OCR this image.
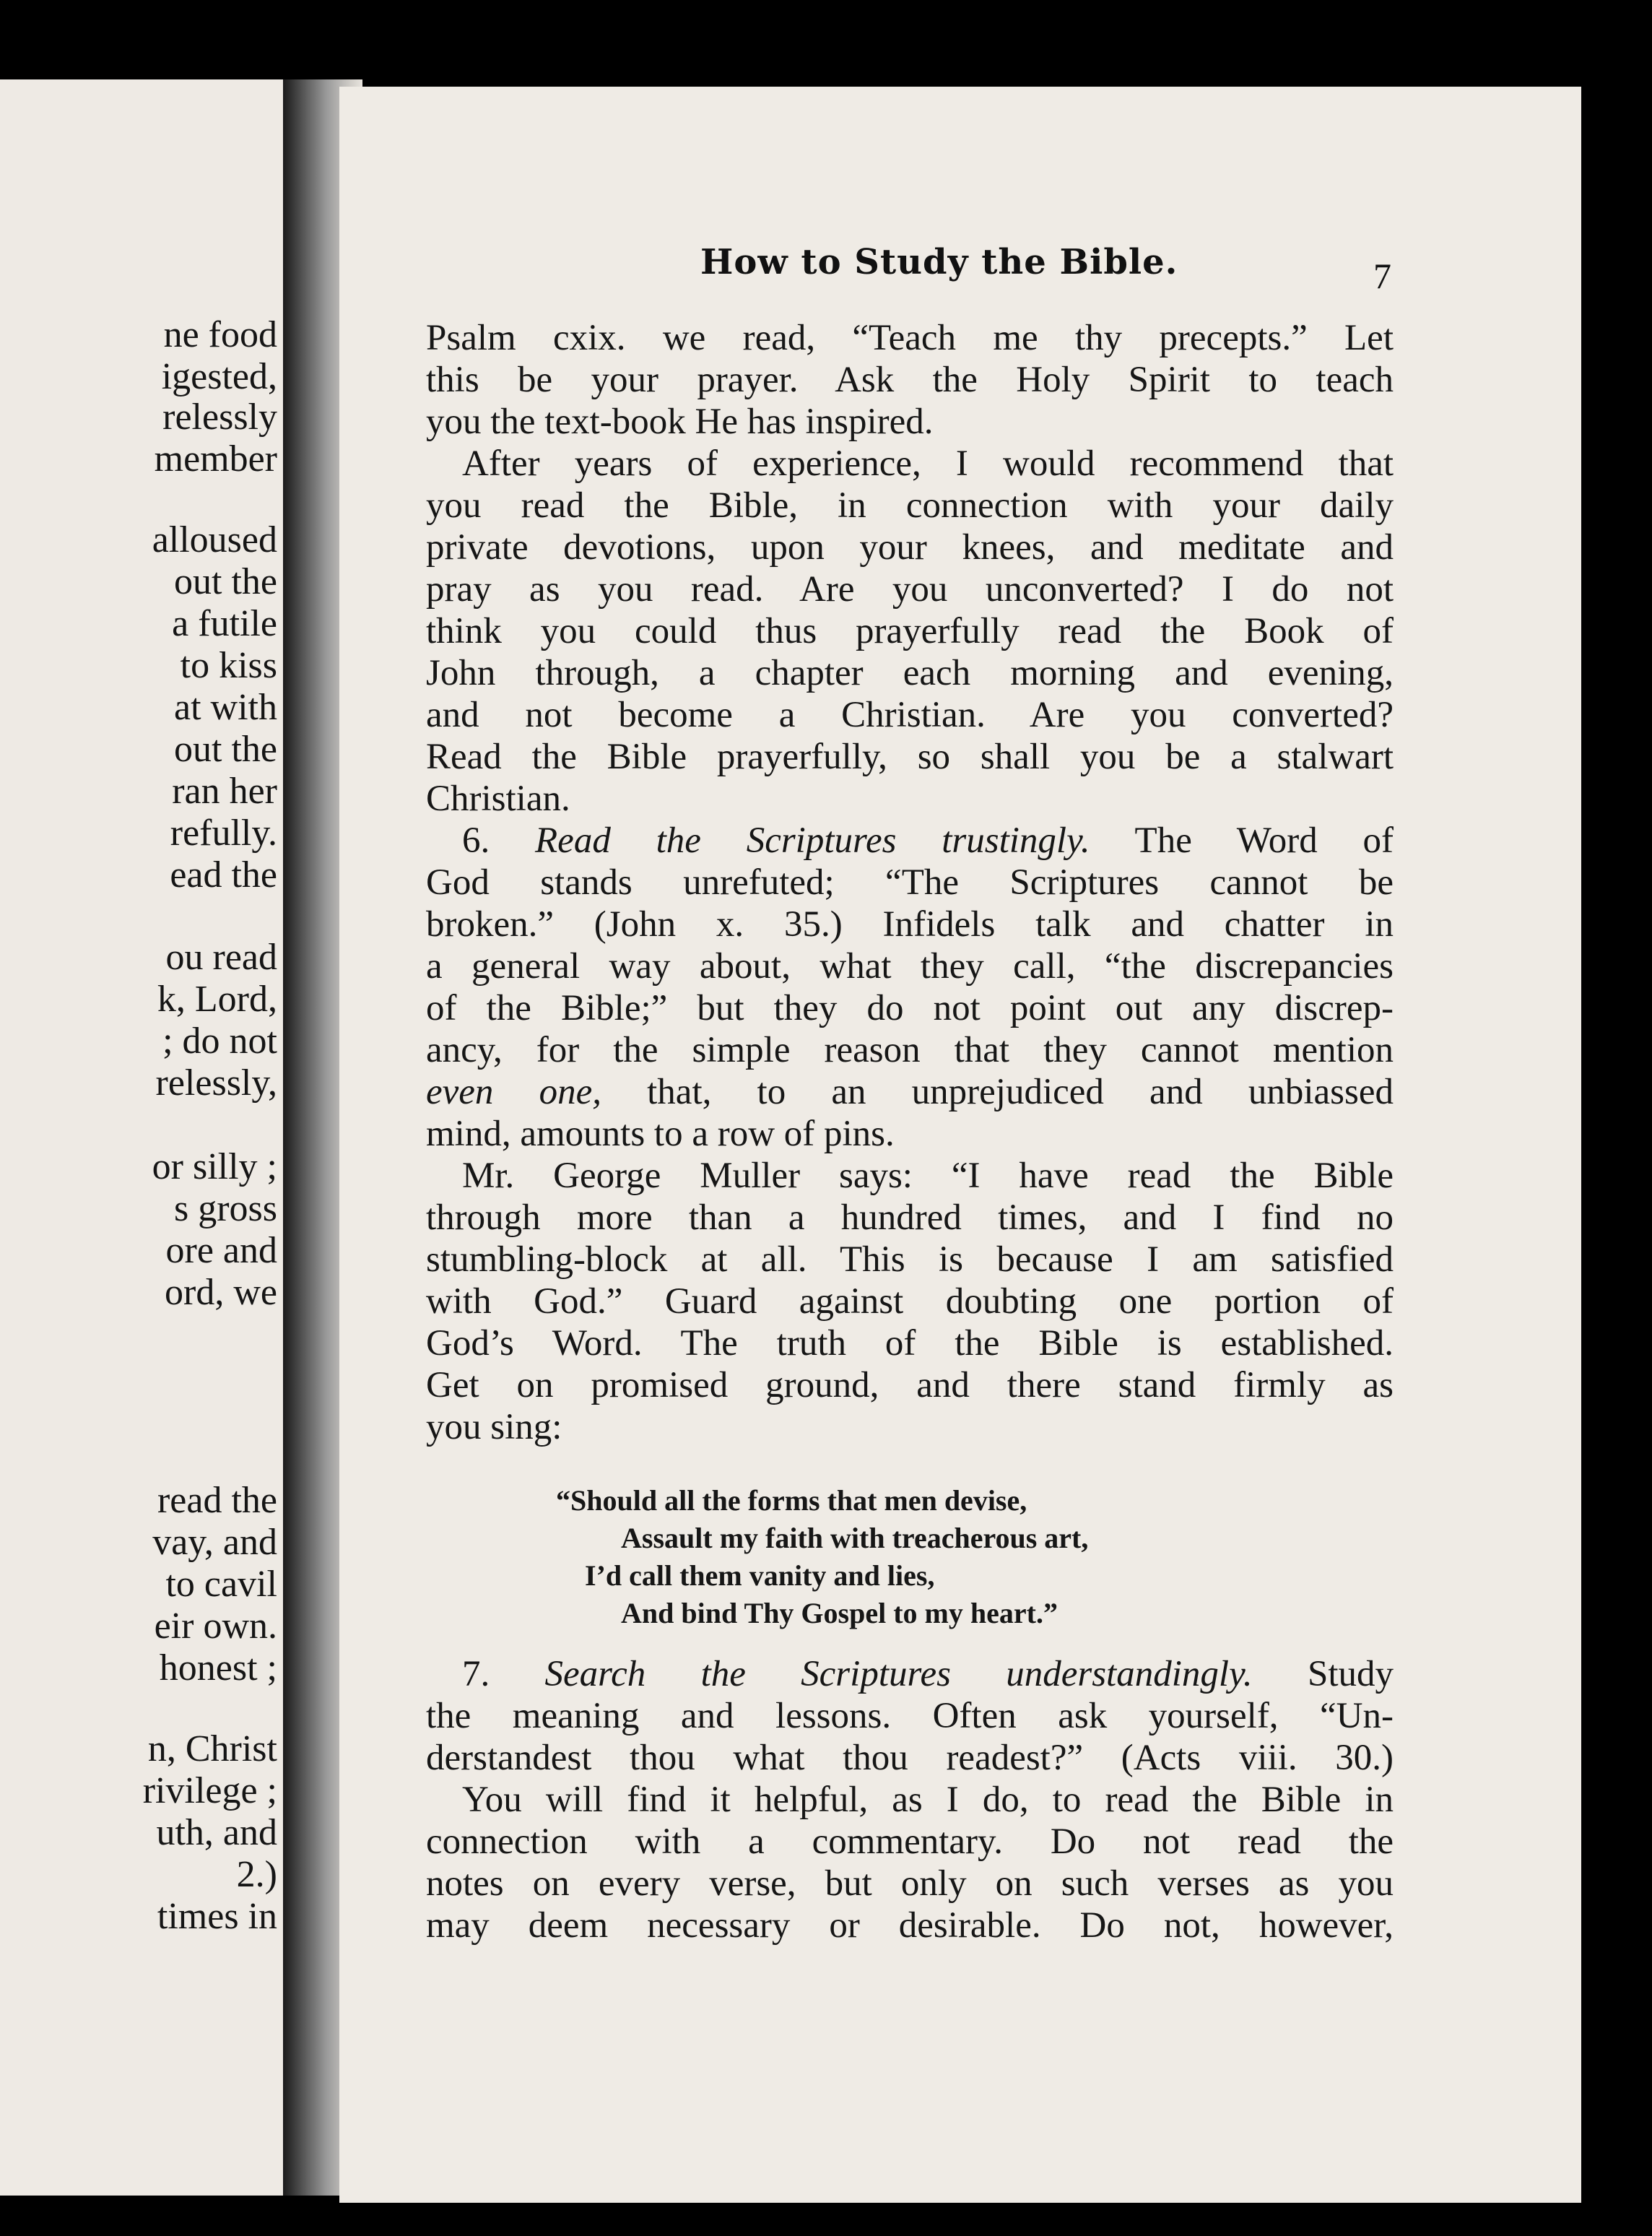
ne food
igested,
relessly
member
alloused
out the
a futile
to kiss
at with
out the
ran her
refully.
ead the
ou read
k, Lord,
; do not
relessly,
or silly ;
s gross
ore and
ord, we
read the
vay, and
to cavil
eir own.
honest ;
n, Christ
rivilege ;
uth, and
2.)
times in
How to Study the Bible.	7
Psalm cxix. we read, “Teach me thy precepts.” Let
this be your prayer. Ask the Holy Spirit to teach
you the text-book He has inspired.
After years of experience, I would recommend that
you read the Bible, in connection with your daily
private devotions, upon your knees, and meditate and
pray as you read. Are you unconverted? I do not
think you could thus prayerfully read the Book of
John through, a chapter each morning and evening,
and not become a Christian. Are you converted?
Read the Bible prayerfully, so shall you be a stalwart
Christian.
6. Read the Scriptures trustingly. The Word of
God stands unrefuted; “The Scriptures cannot be
broken.” (John x. 35.) Infidels talk and chatter in
a general way about, what they call, “the discrepancies
of the Bible;” but they do not point out any discrep-
ancy, for the simple reason that they cannot mention
even one, that, to an unprejudiced and unbiassed
mind, amounts to a row of pins.
Mr. George Muller says: “I have read the Bible
through more than a hundred times, and I find no
stumbling-block at all. This is because I am satisfied
with God.” Guard against doubting one portion of
God’s Word. The truth of the Bible is established.
Get on promised ground, and there stand firmly as
you sing:
7. Search the Scriptures understandingly. Study
the meaning and lessons. Often ask yourself, “Un-
derstandest thou what thou readest?” (Acts viii. 30.)
You will find it helpful, as I do, to read the Bible in
connection with a commentary. Do not read the
notes on every verse, but only on such verses as you
may deem necessary or desirable. Do not, however,
“Should all the forms that men devise,
Assault my faith with treacherous art,
I’d call them vanity and lies,
And bind Thy Gospel to my heart.”
